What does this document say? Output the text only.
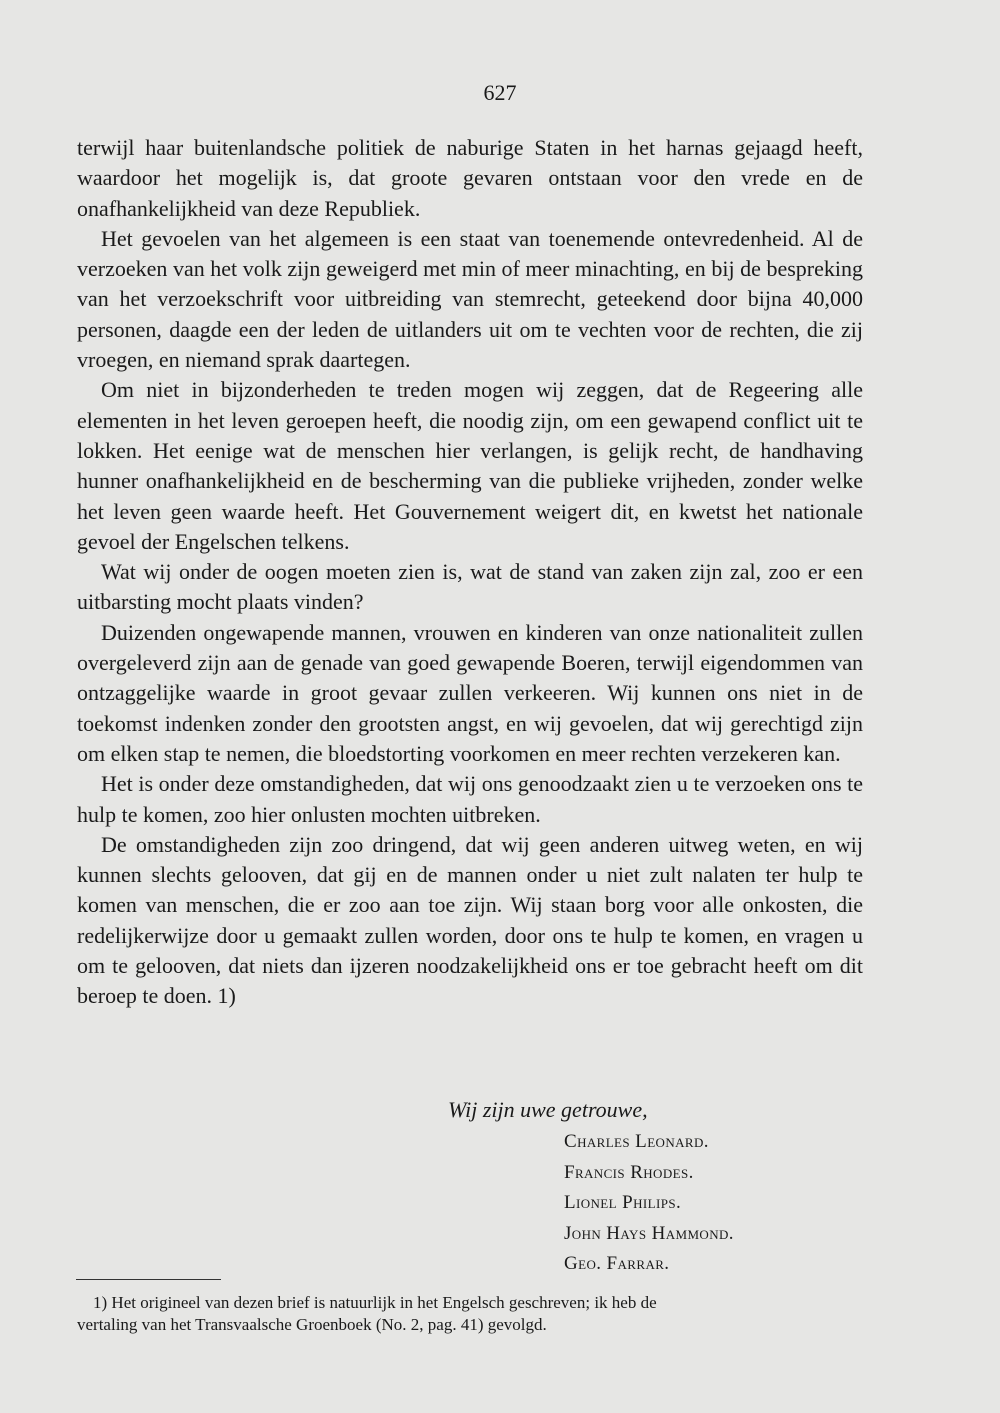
627

terwijl haar buitenlandsche politiek de naburige Staten in het harnas gejaagd heeft, waardoor het mogelijk is, dat groote gevaren ontstaan voor den vrede en de onafhankelijkheid van deze Republiek.

Het gevoelen van het algemeen is een staat van toenemende ontevredenheid. Al de verzoeken van het volk zijn geweigerd met min of meer minachting, en bij de bespreking van het verzoekschrift voor uitbreiding van stemrecht, geteekend door bijna 40,000 personen, daagde een der leden de uitlanders uit om te vechten voor de rechten, die zij vroegen, en niemand sprak daartegen.

Om niet in bijzonderheden te treden mogen wij zeggen, dat de Regeering alle elementen in het leven geroepen heeft, die noodig zijn, om een gewapend conflict uit te lokken. Het eenige wat de menschen hier verlangen, is gelijk recht, de handhaving hunner onafhankelijkheid en de bescherming van die publieke vrijheden, zonder welke het leven geen waarde heeft. Het Gouvernement weigert dit, en kwetst het nationale gevoel der Engelschen telkens.

Wat wij onder de oogen moeten zien is, wat de stand van zaken zijn zal, zoo er een uitbarsting mocht plaats vinden?

Duizenden ongewapende mannen, vrouwen en kinderen van onze nationaliteit zullen overgeleverd zijn aan de genade van goed gewapende Boeren, terwijl eigendommen van ontzaggelijke waarde in groot gevaar zullen verkeeren. Wij kunnen ons niet in de toekomst indenken zonder den grootsten angst, en wij gevoelen, dat wij gerechtigd zijn om elken stap te nemen, die bloedstorting voorkomen en meer rechten verzekeren kan.

Het is onder deze omstandigheden, dat wij ons genoodzaakt zien u te verzoeken ons te hulp te komen, zoo hier onlusten mochten uitbreken.

De omstandigheden zijn zoo dringend, dat wij geen anderen uitweg weten, en wij kunnen slechts gelooven, dat gij en de mannen onder u niet zult nalaten ter hulp te komen van menschen, die er zoo aan toe zijn. Wij staan borg voor alle onkosten, die redelijkerwijze door u gemaakt zullen worden, door ons te hulp te komen, en vragen u om te gelooven, dat niets dan ijzeren noodzakelijkheid ons er toe gebracht heeft om dit beroep te doen. 1)

Wij zijn uwe getrouwe,
Charles Leonard.
Francis Rhodes.
Lionel Philips.
John Hays Hammond.
Geo. Farrar.
1) Het origineel van dezen brief is natuurlijk in het Engelsch geschreven; ik heb de
vertaling van het Transvaalsche Groenboek (No. 2, pag. 41) gevolgd.
